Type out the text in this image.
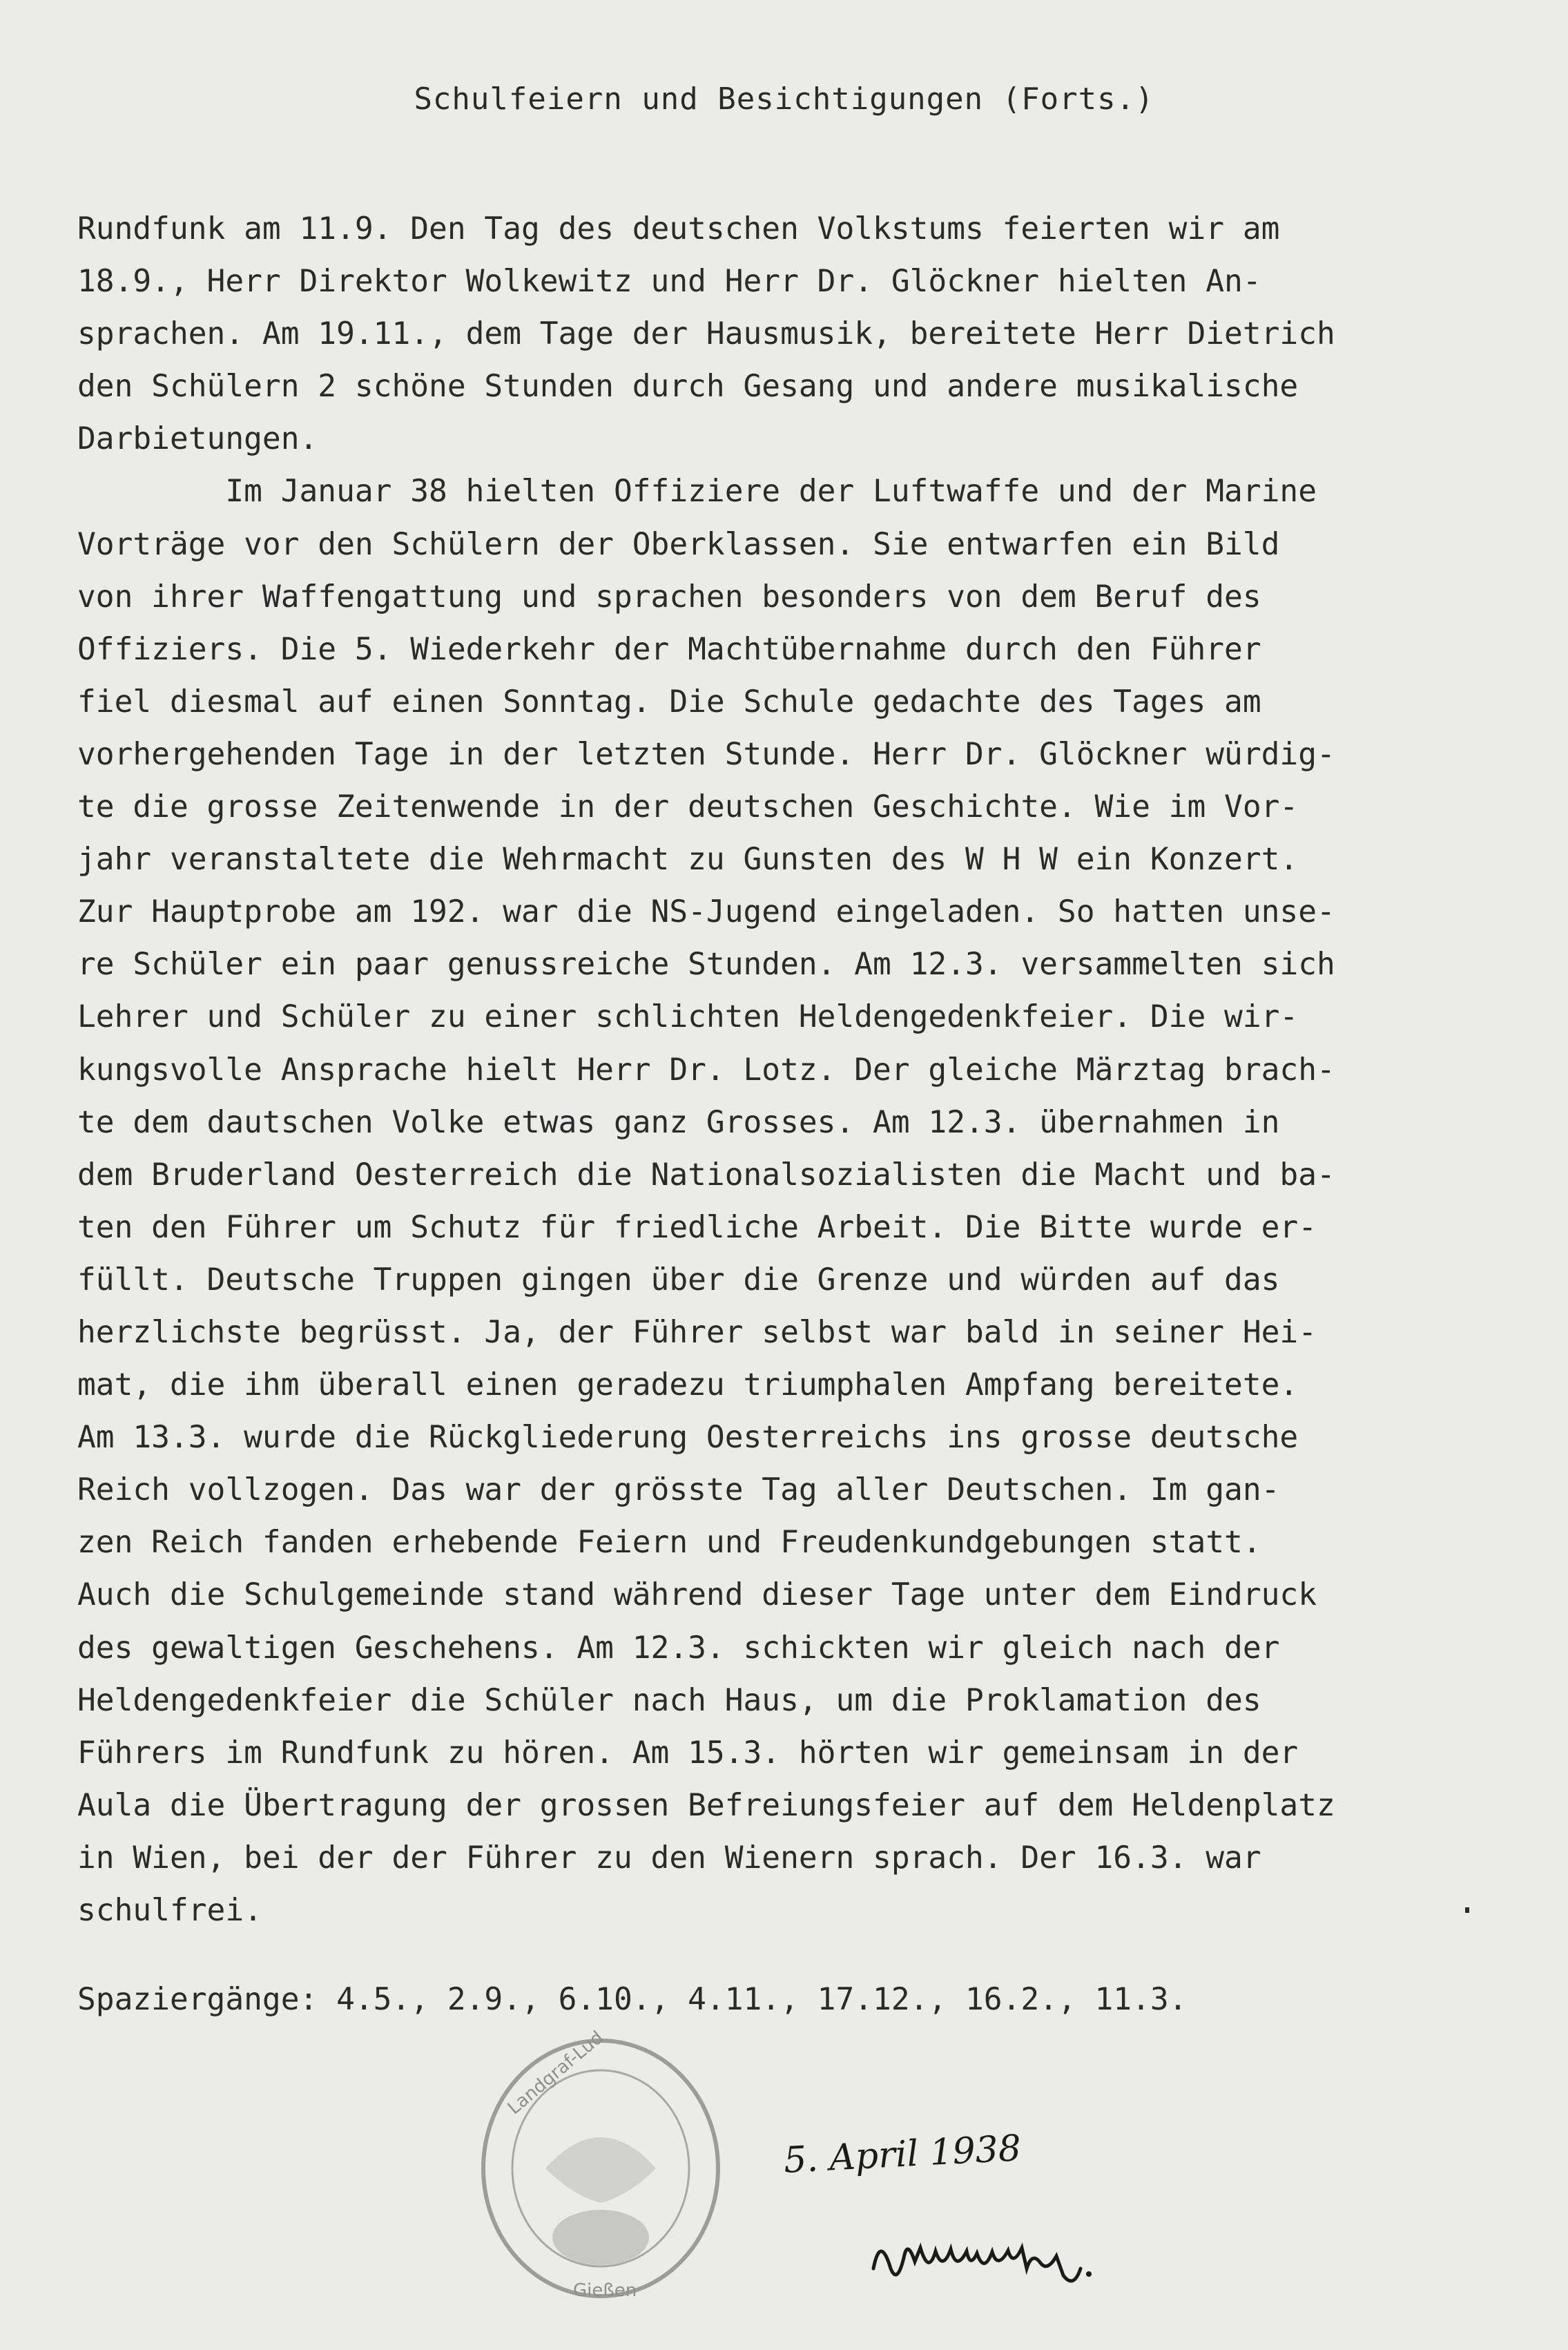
Schulfeiern und Besichtigungen (Forts.)
Rundfunk am 11.9. Den Tag des deutschen Volkstums feierten wir am
18.9., Herr Direktor Wolkewitz und Herr Dr. Glöckner hielten An-
sprachen. Am 19.11., dem Tage der Hausmusik, bereitete Herr Dietrich
den Schülern 2 schöne Stunden durch Gesang und andere musikalische
Darbietungen.
Im Januar 38 hielten Offiziere der Luftwaffe und der Marine
Vorträge vor den Schülern der Oberklassen. Sie entwarfen ein Bild
von ihrer Waffengattung und sprachen besonders von dem Beruf des
Offiziers. Die 5. Wiederkehr der Machtübernahme durch den Führer
fiel diesmal auf einen Sonntag. Die Schule gedachte des Tages am
vorhergehenden Tage in der letzten Stunde. Herr Dr. Glöckner würdig-
te die grosse Zeitenwende in der deutschen Geschichte. Wie im Vor-
jahr veranstaltete die Wehrmacht zu Gunsten des W H W ein Konzert.
Zur Hauptprobe am 192. war die NS-Jugend eingeladen. So hatten unse-
re Schüler ein paar genussreiche Stunden. Am 12.3. versammelten sich
Lehrer und Schüler zu einer schlichten Heldengedenkfeier. Die wir-
kungsvolle Ansprache hielt Herr Dr. Lotz. Der gleiche Märztag brach-
te dem dautschen Volke etwas ganz Grosses. Am 12.3. übernahmen in
dem Bruderland Oesterreich die Nationalsozialisten die Macht und ba-
ten den Führer um Schutz für friedliche Arbeit. Die Bitte wurde er-
füllt. Deutsche Truppen gingen über die Grenze und würden auf das
herzlichste begrüsst. Ja, der Führer selbst war bald in seiner Hei-
mat, die ihm überall einen geradezu triumphalen Ampfang bereitete.
Am 13.3. wurde die Rückgliederung Oesterreichs ins grosse deutsche
Reich vollzogen. Das war der grösste Tag aller Deutschen. Im gan-
zen Reich fanden erhebende Feiern und Freudenkundgebungen statt.
Auch die Schulgemeinde stand während dieser Tage unter dem Eindruck
des gewaltigen Geschehens. Am 12.3. schickten wir gleich nach der
Heldengedenkfeier die Schüler nach Haus, um die Proklamation des
Führers im Rundfunk zu hören. Am 15.3. hörten wir gemeinsam in der
Aula die Übertragung der grossen Befreiungsfeier auf dem Heldenplatz
in Wien, bei der der Führer zu den Wienern sprach. Der 16.3. war
schulfrei.
Spaziergänge: 4.5., 2.9., 6.10., 4.11., 17.12., 16.2., 11.3.
Landgraf-Lud
Gießen
5. April 1938
